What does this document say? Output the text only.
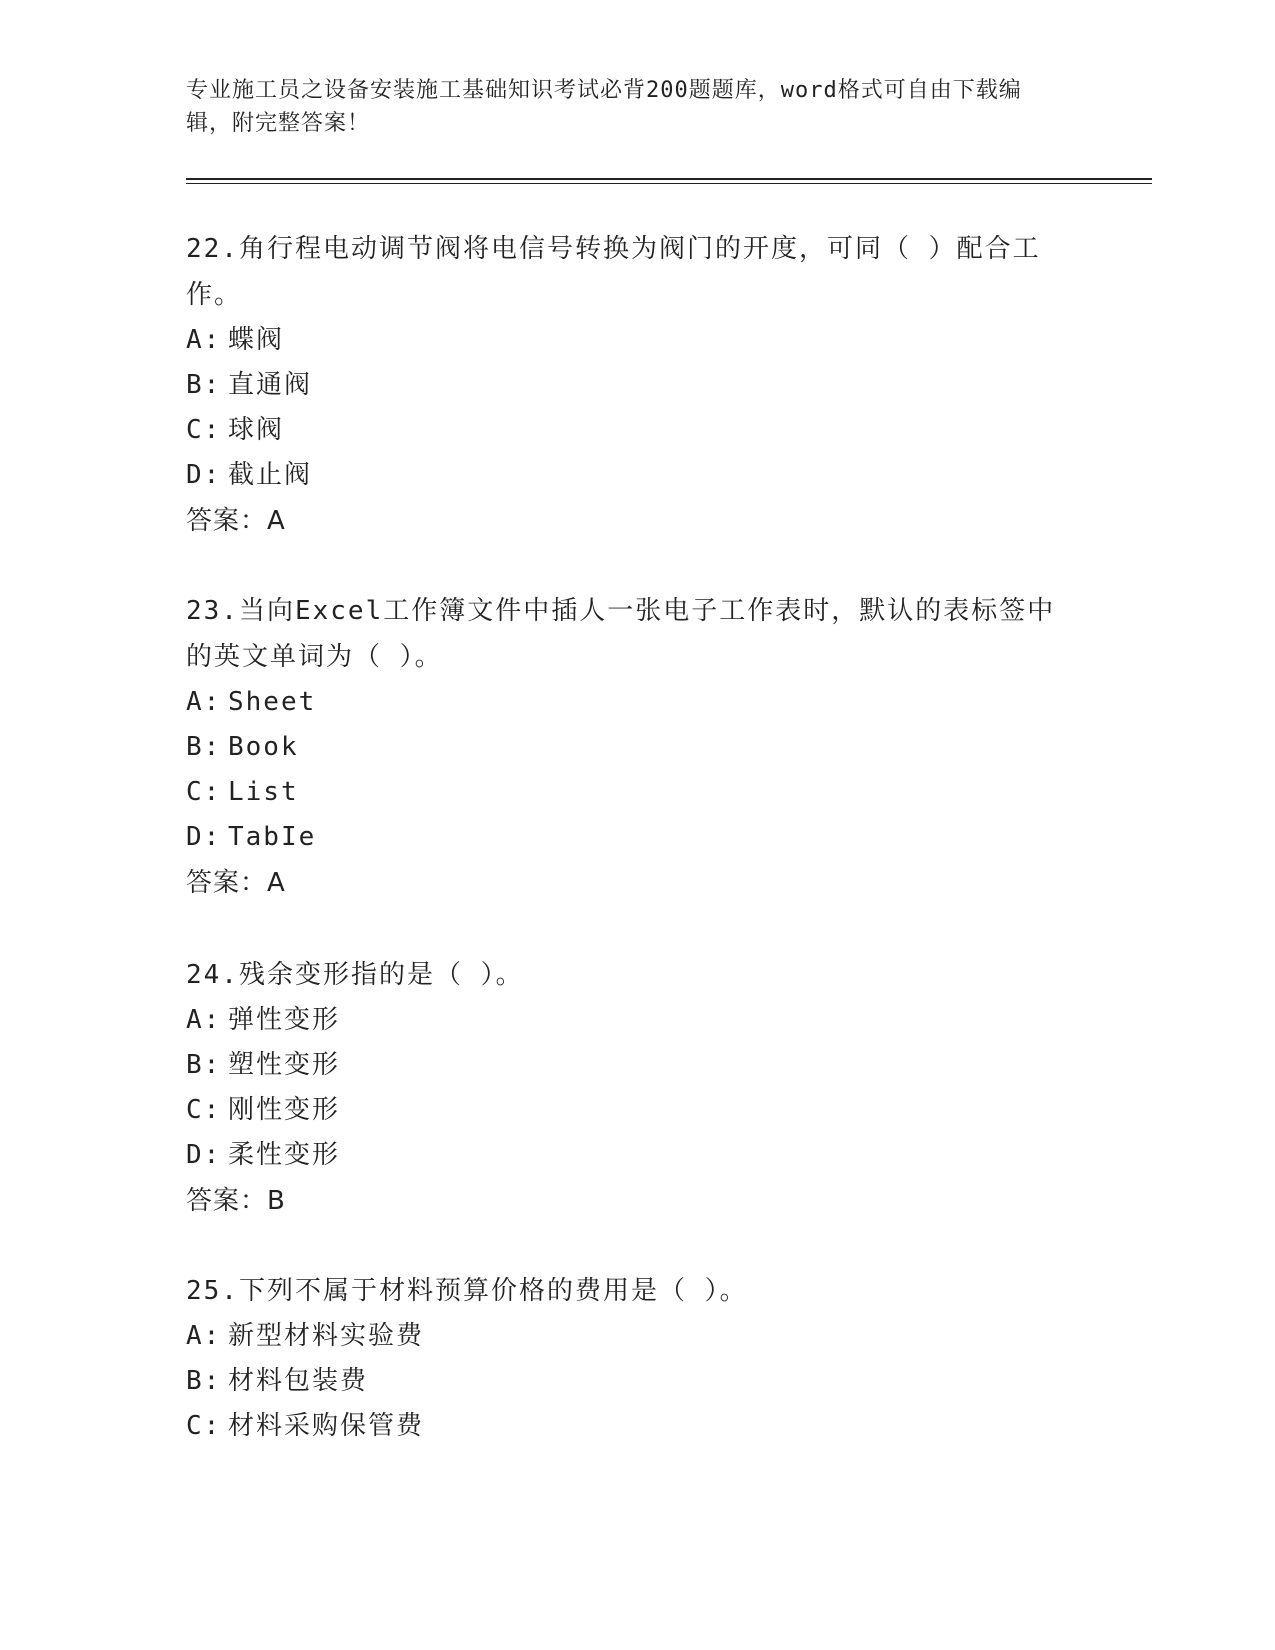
专业施工员之设备安装施工基础知识考试必背200题题库，word格式可自由下载编辑，附完整答案！
22.角行程电动调节阀将电信号转换为阀门的开度，可同（ ）配合工作。
A: 蝶阀
B: 直通阀
C: 球阀
D: 截止阀
答案：A
23.当向Excel工作簿文件中插人一张电子工作表时，默认的表标签中的英文单词为（ ）。
A: Sheet
B: Book
C: List
D: TabIe
答案：A
24.残余变形指的是（ ）。
A: 弹性变形
B: 塑性变形
C: 刚性变形
D: 柔性变形
答案：B
25.下列不属于材料预算价格的费用是（ ）。
A: 新型材料实验费
B: 材料包装费
C: 材料采购保管费
